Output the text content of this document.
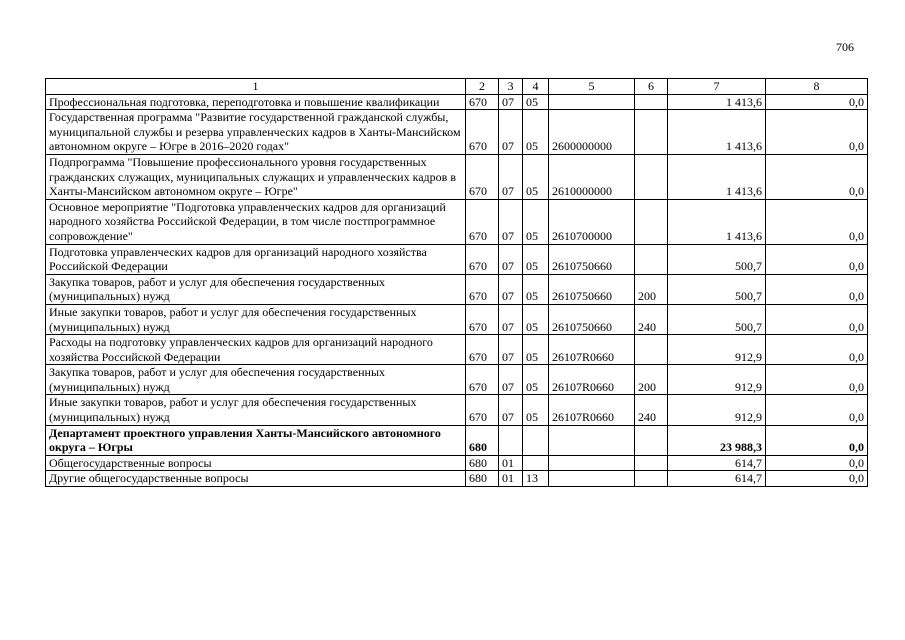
706
1	2	3	4	5	6	7	8
Профессиональная подготовка, переподготовка и повышение квалификации	670	07	05			1 413,6	0,0
Государственная программа "Развитие государственной гражданской службы, муниципальной службы и резерва управленческих кадров в Ханты-Мансийском автономном округе – Югре в 2016–2020 годах"	670	07	05	2600000000		1 413,6	0,0
Подпрограмма "Повышение профессионального уровня государственных гражданских служащих, муниципальных служащих и управленческих кадров в Ханты-Мансийском автономном округе – Югре"	670	07	05	2610000000		1 413,6	0,0
Основное мероприятие "Подготовка управленческих кадров для организаций народного хозяйства Российской Федерации, в том числе постпрограммное сопровождение"	670	07	05	2610700000		1 413,6	0,0
Подготовка управленческих кадров для организаций народного хозяйства Российской Федерации	670	07	05	2610750660		500,7	0,0
Закупка товаров, работ и услуг для обеспечения государственных (муниципальных) нужд	670	07	05	2610750660	200	500,7	0,0
Иные закупки товаров, работ и услуг для обеспечения государственных (муниципальных) нужд	670	07	05	2610750660	240	500,7	0,0
Расходы на подготовку управленческих кадров для организаций народного хозяйства Российской Федерации	670	07	05	26107R0660		912,9	0,0
Закупка товаров, работ и услуг для обеспечения государственных (муниципальных) нужд	670	07	05	26107R0660	200	912,9	0,0
Иные закупки товаров, работ и услуг для обеспечения государственных (муниципальных) нужд	670	07	05	26107R0660	240	912,9	0,0
Департамент проектного управления Ханты-Мансийского автономного округа – Югры	680					23 988,3	0,0
Общегосударственные вопросы	680	01				614,7	0,0
Другие общегосударственные вопросы	680	01	13			614,7	0,0
